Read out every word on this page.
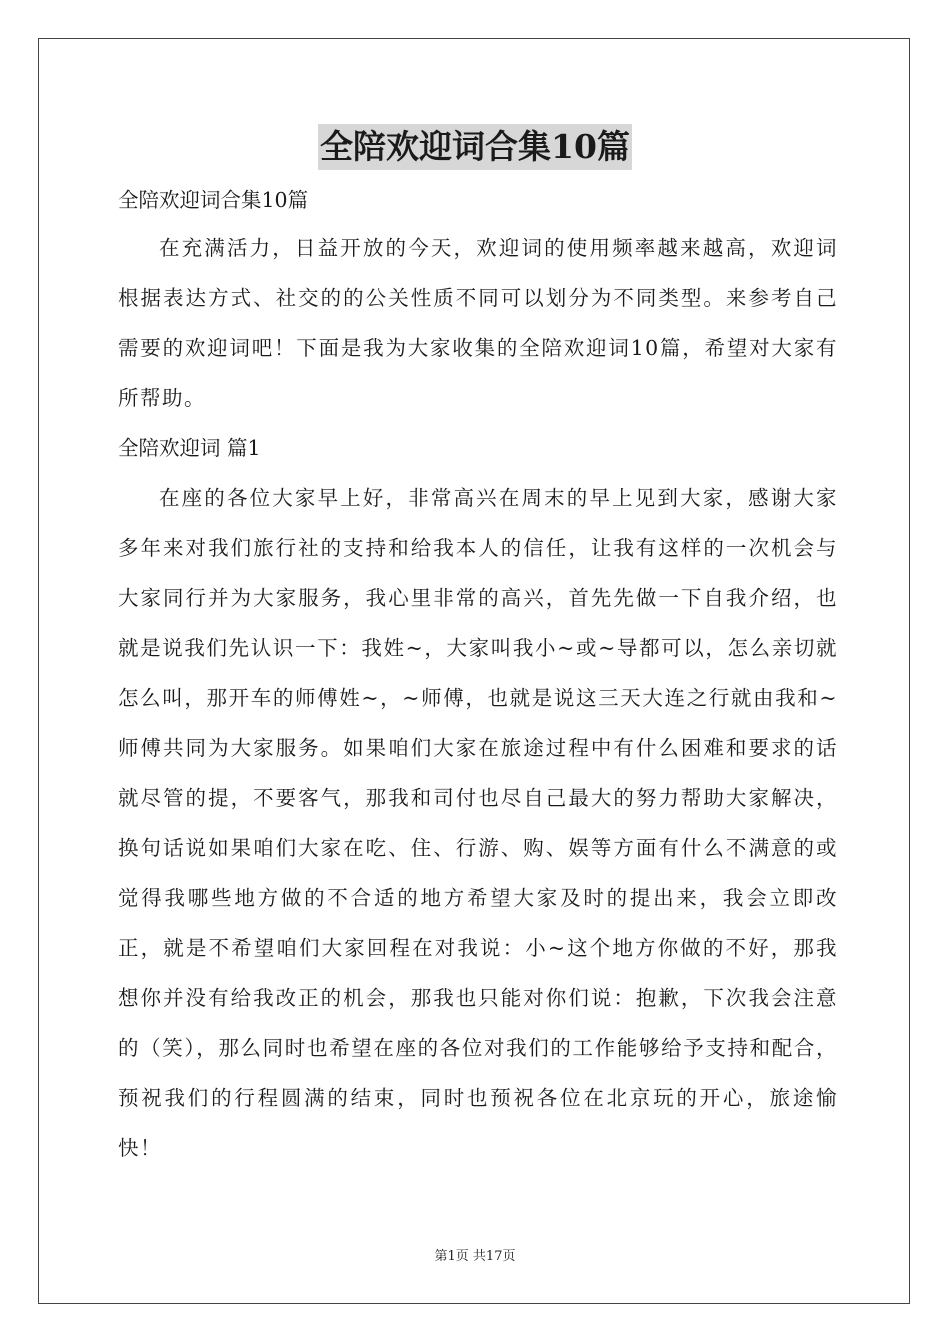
全陪欢迎词合集10篇

全陪欢迎词合集10篇

在充满活力，日益开放的今天，欢迎词的使用频率越来越高，欢迎词根据表达方式、社交的的公关性质不同可以划分为不同类型。来参考自己需要的欢迎词吧！下面是我为大家收集的全陪欢迎词10篇，希望对大家有所帮助。

全陪欢迎词 篇1

在座的各位大家早上好，非常高兴在周末的早上见到大家，感谢大家多年来对我们旅行社的支持和给我本人的信任，让我有这样的一次机会与大家同行并为大家服务，我心里非常的高兴，首先先做一下自我介绍，也就是说我们先认识一下：我姓~，大家叫我小~或~导都可以，怎么亲切就怎么叫，那开车的师傅姓~，~师傅，也就是说这三天大连之行就由我和~师傅共同为大家服务。如果咱们大家在旅途过程中有什么困难和要求的话就尽管的提，不要客气，那我和司付也尽自己最大的努力帮助大家解决，换句话说如果咱们大家在吃、住、行游、购、娱等方面有什么不满意的或觉得我哪些地方做的不合适的地方希望大家及时的提出来，我会立即改正，就是不希望咱们大家回程在对我说：小~这个地方你做的不好，那我想你并没有给我改正的机会，那我也只能对你们说：抱歉，下次我会注意的（笑），那么同时也希望在座的各位对我们的工作能够给予支持和配合，预祝我们的行程圆满的结束，同时也预祝各位在北京玩的开心，旅途愉快！

第1页 共17页
